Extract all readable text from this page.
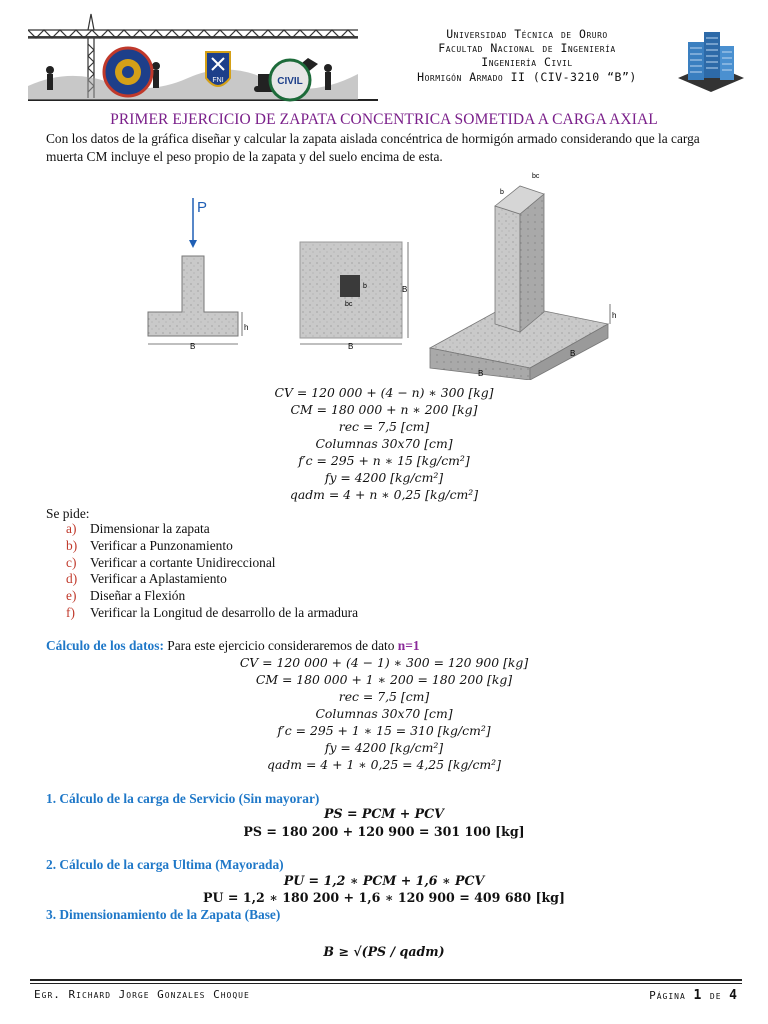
FNI	CIVIL
Universidad Técnica de Oruro
Facultad Nacional de Ingeniería
Ingeniería Civil
Hormigón Armado II (CIV-3210 “B”)
PRIMER EJERCICIO DE ZAPATA CONCENTRICA SOMETIDA A CARGA AXIAL
Con los datos de la gráfica diseñar y calcular la zapata aislada concéntrica de hormigón armado considerando que la carga muerta CM incluye el peso propio de la zapata y del suelo encima de esta.
P
h
B
B
B
b
bc
b
bc
h
B
B
CV = 120 000 + (4 − n) ∗ 300 [kg]
CM = 180 000 + n ∗ 200 [kg]
rec = 7,5 [cm]
Columnas 30x70 [cm]
f′c = 295 + n ∗ 15 [kg/cm²]
fy = 4200 [kg/cm²]
qadm = 4 + n ∗ 0,25 [kg/cm²]
Se pide:
a) Dimensionar la zapata
b) Verificar a Punzonamiento
c) Verificar a cortante Unidireccional
d) Verificar a Aplastamiento
e) Diseñar a Flexión
f) Verificar la Longitud de desarrollo de la armadura
Cálculo de los datos: Para este ejercicio consideraremos de dato n=1
CV = 120 000 + (4 − 1) ∗ 300 = 120 900 [kg]
CM = 180 000 + 1 ∗ 200 = 180 200 [kg]
rec = 7,5 [cm]
Columnas 30x70 [cm]
f′c = 295 + 1 ∗ 15 = 310 [kg/cm²]
fy = 4200 [kg/cm²]
qadm = 4 + 1 ∗ 0,25 = 4,25 [kg/cm²]
1. Cálculo de la carga de Servicio (Sin mayorar)
PS = PCM + PCV
PS = 180 200 + 120 900 = 301 100 [kg]
2. Cálculo de la carga Ultima (Mayorada)
PU = 1,2 ∗ PCM + 1,6 ∗ PCV
PU = 1,2 ∗ 180 200 + 1,6 ∗ 120 900 = 409 680 [kg]
3. Dimensionamiento de la Zapata (Base)
B ≥ √(PS / qadm)
Egr. Richard Jorge Gonzales Choque	Página 1 de 4
